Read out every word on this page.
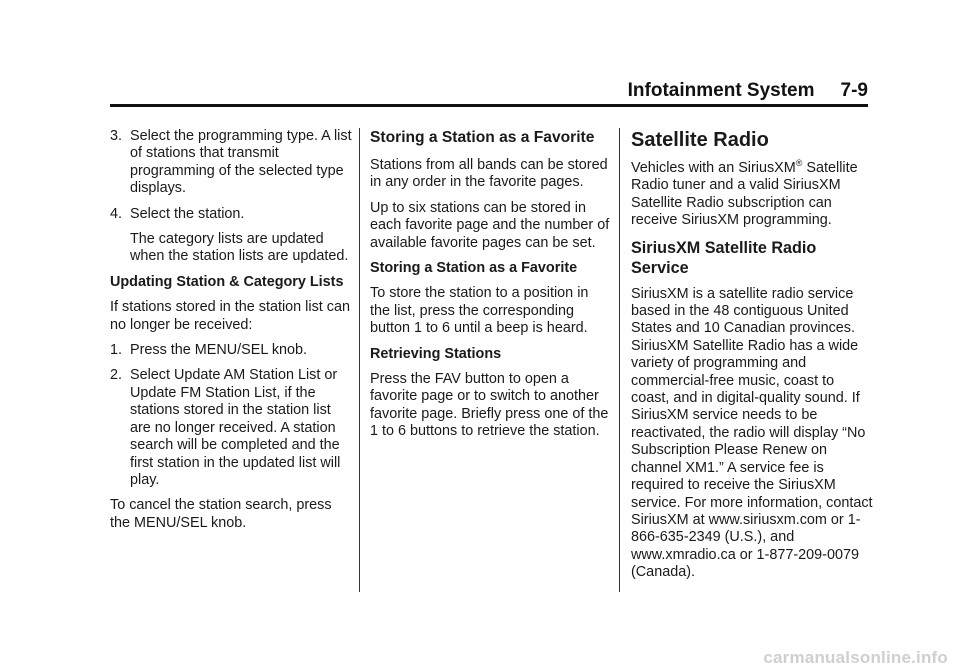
Infotainment System 7-9
3. Select the programming type. A list of stations that transmit programming of the selected type displays.
4. Select the station.

The category lists are updated when the station lists are updated.

Updating Station & Category Lists

If stations stored in the station list can no longer be received:

1. Press the MENU/SEL knob.
2. Select Update AM Station List or Update FM Station List, if the stations stored in the station list are no longer received. A station search will be completed and the first station in the updated list will play.

To cancel the station search, press the MENU/SEL knob.

Storing a Station as a Favorite

Stations from all bands can be stored in any order in the favorite pages.

Up to six stations can be stored in each favorite page and the number of available favorite pages can be set.

Storing a Station as a Favorite

To store the station to a position in the list, press the corresponding button 1 to 6 until a beep is heard.

Retrieving Stations

Press the FAV button to open a favorite page or to switch to another favorite page. Briefly press one of the 1 to 6 buttons to retrieve the station.

Satellite Radio

Vehicles with an SiriusXM® Satellite Radio tuner and a valid SiriusXM Satellite Radio subscription can receive SiriusXM programming.

SiriusXM Satellite Radio Service

SiriusXM is a satellite radio service based in the 48 contiguous United States and 10 Canadian provinces. SiriusXM Satellite Radio has a wide variety of programming and commercial-free music, coast to coast, and in digital-quality sound. If SiriusXM service needs to be reactivated, the radio will display “No Subscription Please Renew on channel XM1.” A service fee is required to receive the SiriusXM service. For more information, contact SiriusXM at www.siriusxm.com or 1-866-635-2349 (U.S.), and www.xmradio.ca or 1-877-209-0079 (Canada).

carmanualsonline.info
